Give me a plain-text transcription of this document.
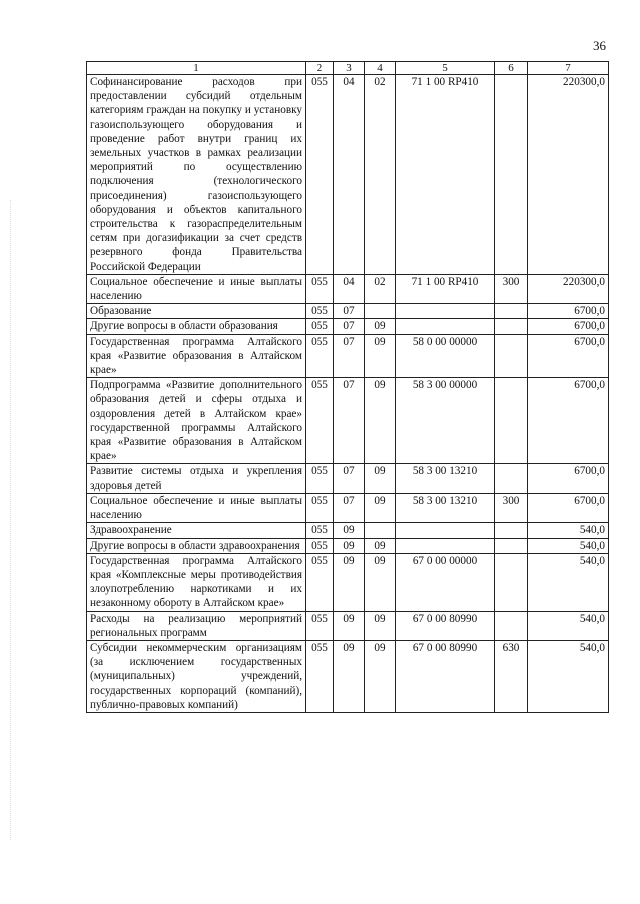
36
1	2	3	4	5	6	7
Софинансирование расходов при предоставлении субсидий отдельным категориям граждан на покупку и установку газоиспользующего оборудования и проведение работ внутри границ их земельных участков в рамках реализации мероприятий по осуществлению подключения (технологического присоединения) газоиспользующего оборудования и объектов капитального строительства к газораспределительным сетям при догазификации за счет средств резервного фонда Правительства Российской Федерации	055	04	02	71 1 00 RP410		220300,0
Социальное обеспечение и иные выплаты населению	055	04	02	71 1 00 RP410	300	220300,0
Образование	055	07				6700,0
Другие вопросы в области образования	055	07	09			6700,0
Государственная программа Алтайского края «Развитие образования в Алтайском крае»	055	07	09	58 0 00 00000		6700,0
Подпрограмма «Развитие дополнительного образования детей и сферы отдыха и оздоровления детей в Алтайском крае» государственной программы Алтайского края «Развитие образования в Алтайском крае»	055	07	09	58 3 00 00000		6700,0
Развитие системы отдыха и укрепления здоровья детей	055	07	09	58 3 00 13210		6700,0
Социальное обеспечение и иные выплаты населению	055	07	09	58 3 00 13210	300	6700,0
Здравоохранение	055	09				540,0
Другие вопросы в области здравоохранения	055	09	09			540,0
Государственная программа Алтайского края «Комплексные меры противодействия злоупотреблению наркотиками и их незаконному обороту в Алтайском крае»	055	09	09	67 0 00 00000		540,0
Расходы на реализацию мероприятий региональных программ	055	09	09	67 0 00 80990		540,0
Субсидии некоммерческим организациям (за исключением государственных (муниципальных) учреждений, государственных корпораций (компаний), публично-правовых компаний)	055	09	09	67 0 00 80990	630	540,0
